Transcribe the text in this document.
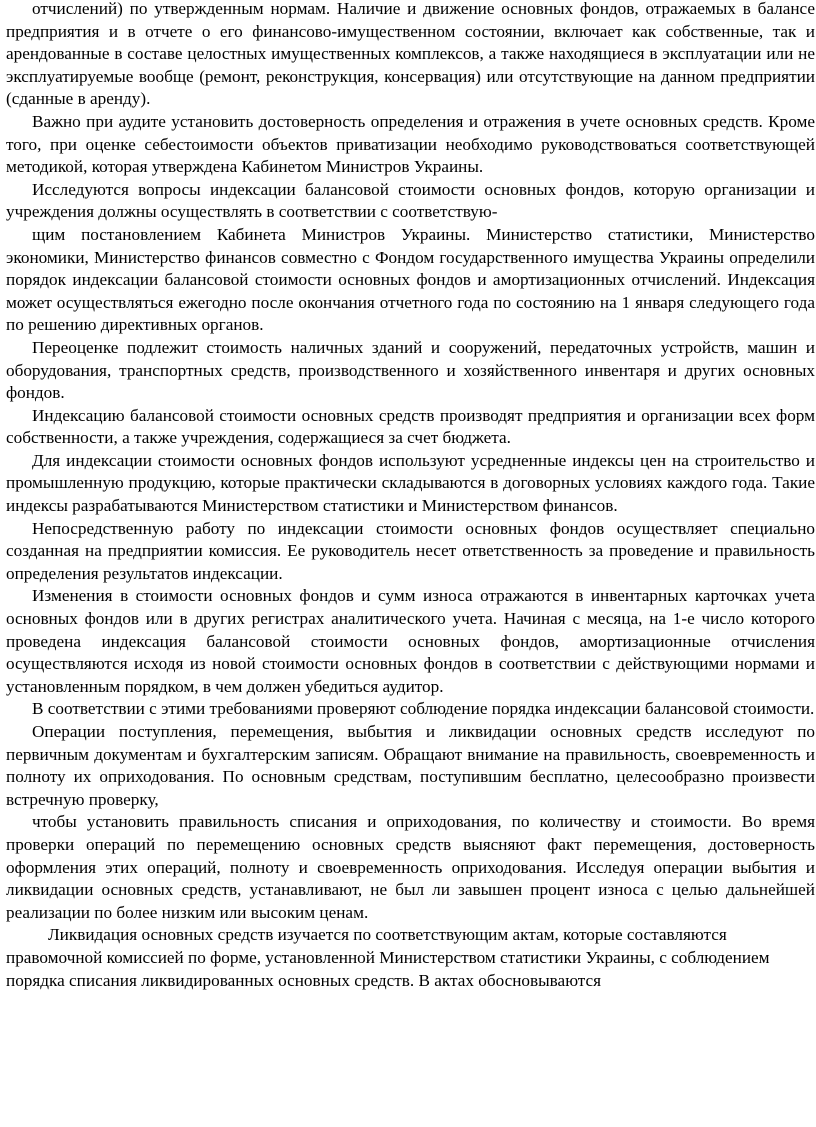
отчислений) по утвержденным нормам. Наличие и движение основных фондов, отражаемых в балансе предприятия и в отчете о его финансово-имущественном состоянии, включает как собственные, так и арендованные в составе целостных имущественных комплексов, а также находящиеся в эксплуатации или не эксплуатируемые вообще (ремонт, реконструкция, консервация) или отсутствующие на данном предприятии (сданные в аренду).

Важно при аудите установить достоверность определения и отражения в учете основных средств. Кроме того, при оценке себестоимости объектов приватизации необходимо руководствоваться соответствующей методикой, которая утверждена Кабинетом Министров Украины.

Исследуются вопросы индексации балансовой стоимости основных фондов, которую организации и учреждения должны осуществлять в соответствии с соответствую-

щим постановлением Кабинета Министров Украины. Министерство статистики, Министерство экономики, Министерство финансов совместно с Фондом государственного имущества Украины определили порядок индексации балансовой стоимости основных фондов и амортизационных отчислений. Индексация может осуществляться ежегодно после окончания отчетного года по состоянию на 1 января следующего года по решению директивных органов.

Переоценке подлежит стоимость наличных зданий и сооружений, передаточных устройств, машин и оборудования, транспортных средств, производственного и хозяйственного инвентаря и других основных фондов.

Индексацию балансовой стоимости основных средств производят предприятия и организации всех форм собственности, а также учреждения, содержащиеся за счет бюджета.

Для индексации стоимости основных фондов используют усредненные индексы цен на строительство и промышленную продукцию, которые практически складываются в договорных условиях каждого года. Такие индексы разрабатываются Министерством статистики и Министерством финансов.

Непосредственную работу по индексации стоимости основных фондов осуществляет специально созданная на предприятии комиссия. Ее руководитель несет ответственность за проведение и правильность определения результатов индексации.

Изменения в стоимости основных фондов и сумм износа отражаются в инвентарных карточках учета основных фондов или в других регистрах аналитического учета. Начиная с месяца, на 1-е число которого проведена индексация балансовой стоимости основных фондов, амортизационные отчисления осуществляются исходя из новой стоимости основных фондов в соответствии с действующими нормами и установленным порядком, в чем должен убедиться аудитор.

В соответствии с этими требованиями проверяют соблюдение порядка индексации балансовой стоимости.

Операции поступления, перемещения, выбытия и ликвидации основных средств исследуют по первичным документам и бухгалтерским записям. Обращают внимание на правильность, своевременность и полноту их оприходования. По основным средствам, поступившим бесплатно, целесообразно произвести встречную проверку,

чтобы установить правильность списания и оприходования, по количеству и стоимости. Во время проверки операций по перемещению основных средств выясняют факт перемещения, достоверность оформления этих операций, полноту и своевременность оприходования. Исследуя операции выбытия и ликвидации основных средств, устанавливают, не был ли завышен процент износа с целью дальнейшей реализации по более низким или высоким ценам.

Ликвидация основных средств изучается по соответствующим актам, которые составляются правомочной комиссией по форме, установленной Министерством статистики Украины, с соблюдением порядка списания ликвидированных основных средств. В актах обосновываются
